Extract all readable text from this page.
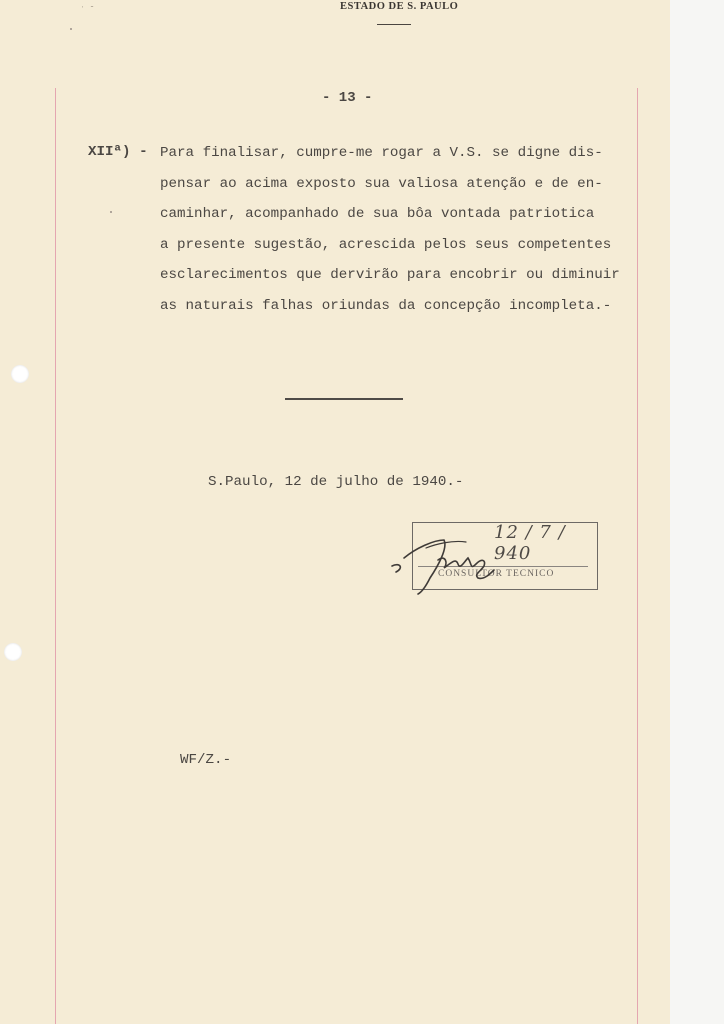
ˈ ˆ	ESTADO DE S. PAULO
- 13 -
XIIª) - Para finalisar, cumpre-me rogar a V.S. se digne dis-
pensar ao acima exposto sua valiosa atenção e de en-
caminhar, acompanhado de sua bôa vontada patriotica
a presente sugestão, acrescida pelos seus competentes
esclarecimentos que dervirão para encobrir ou diminuir
as naturais falhas oriundas da concepção incompleta.-
S.Paulo, 12 de julho de 1940.-
12 / 7 / 940
CONSULTOR TECNICO
WF/Z.-
